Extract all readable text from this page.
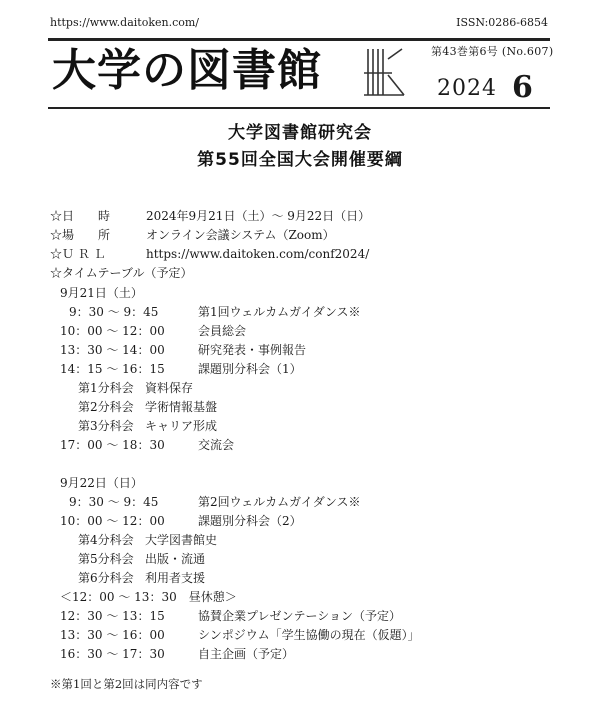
https://www.daitoken.com/	ISSN:0286-6854
大学の図書館	第43巻第6号 (No.607)
2024 6
大学図書館研究会
第55回全国大会開催要綱
☆日　　時	2024年9月21日（土）～ 9月22日（日）
☆場　　所	オンライン会議システム（Zoom）
☆Ｕ Ｒ Ｌ	https://www.daitoken.com/conf2024/
☆タイムテーブル（予定）
9月21日（土）
9：30 ～ 9：45	第1回ウェルカムガイダンス※
10：00 ～ 12：00	会員総会
13：30 ～ 14：00	研究発表・事例報告
14：15 ～ 16：15	課題別分科会（1）
第1分科会 資料保存
第2分科会 学術情報基盤
第3分科会 キャリア形成
17：00 ～ 18：30	交流会
9月22日（日）
9：30 ～ 9：45	第2回ウェルカムガイダンス※
10：00 ～ 12：00	課題別分科会（2）
第4分科会 大学図書館史
第5分科会 出版・流通
第6分科会 利用者支援
＜12：00 ～ 13：30　昼休憩＞
12：30 ～ 13：15	協賛企業プレゼンテーション（予定）
13：30 ～ 16：00	シンポジウム「学生協働の現在（仮題）」
16：30 ～ 17：30	自主企画（予定）
※第1回と第2回は同内容です
